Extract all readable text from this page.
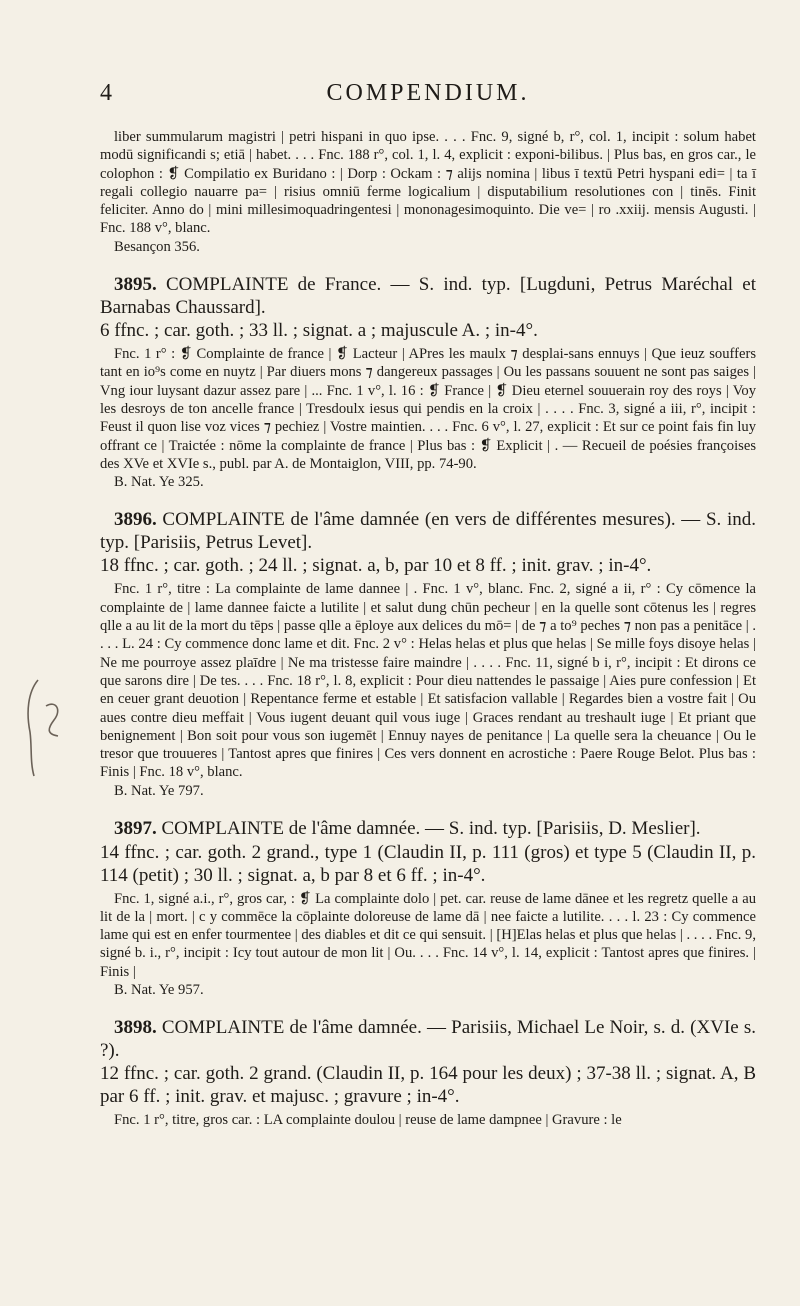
4	COMPENDIUM.

liber summularum magistri | petri hispani in quo ipse. . . . Fnc. 9, signé b, r°, col. 1, incipit : solum habet modū significandi s; etiā | habet. . . . Fnc. 188 r°, col. 1, l. 4, explicit : exponi-bilibus. | Plus bas, en gros car., le colophon : ❡ Compilatio ex Buridano : | Dorp : Ockam : ⁊ alijs nomina | libus ī textū Petri hyspani edi= | ta ī regali collegio nauarre pa= | risius omniū ferme logicalium | disputabilium resolutiones con | tinēs. Finit feliciter. Anno do | mini millesimoquadringentesi | mononagesimoquinto. Die ve= | ro .xxiij. mensis Augusti. | Fnc. 188 v°, blanc.

Besançon 356.

3895. COMPLAINTE de France. — S. ind. typ. [Lugduni, Petrus Maréchal et Barnabas Chaussard].

6 ffnc. ; car. goth. ; 33 ll. ; signat. a ; majuscule A. ; in-4°.

Fnc. 1 r° : ❡ Complainte de france | ❡ Lacteur | APres les maulx ⁊ desplai-sans ennuys | Que ieuz souffers tant en io⁹s come en nuytz | Par diuers mons ⁊ dangereux passages | Ou les passans souuent ne sont pas saiges | Vng iour luysant dazur assez pare | ... Fnc. 1 v°, l. 16 : ❡ France | ❡ Dieu eternel souuerain roy des roys | Voy les desroys de ton ancelle france | Tresdoulx iesus qui pendis en la croix | . . . . Fnc. 3, signé a iii, r°, incipit : Feust il quon lise voz vices ⁊ pechiez | Vostre maintien. . . . Fnc. 6 v°, l. 27, explicit : Et sur ce point fais fin luy offrant ce | Traictée : nōme la complainte de france | Plus bas : ❡ Explicit | . — Recueil de poésies françoises des XVe et XVIe s., publ. par A. de Montaiglon, VIII, pp. 74-90.

B. Nat. Ye 325.

3896. COMPLAINTE de l'âme damnée (en vers de différentes mesures). — S. ind. typ. [Parisiis, Petrus Levet].

18 ffnc. ; car. goth. ; 24 ll. ; signat. a, b, par 10 et 8 ff. ; init. grav. ; in-4°.

Fnc. 1 r°, titre : La complainte de lame dannee | . Fnc. 1 v°, blanc. Fnc. 2, signé a ii, r° : Cy cōmence la complainte de | lame dannee faicte a lutilite | et salut dung chūn pecheur | en la quelle sont cōtenus les | regres qlle a au lit de la mort du tēps | passe qlle a ēploye aux delices du mō= | de ⁊ a to⁹ peches ⁊ non pas a penitāce | . . . . L. 24 : Cy commence donc lame et dit. Fnc. 2 v° : Helas helas et plus que helas | Se mille foys disoye helas | Ne me pourroye assez plaīdre | Ne ma tristesse faire maindre | . . . . Fnc. 11, signé b i, r°, incipit : Et dirons ce que sarons dire | De tes. . . . Fnc. 18 r°, l. 8, explicit : Pour dieu nattendes le passaige | Aies pure confession | Et en ceuer grant deuotion | Repentance ferme et estable | Et satisfacion vallable | Regardes bien a vostre fait | Ou aues contre dieu meffait | Vous iugent deuant quil vous iuge | Graces rendant au treshault iuge | Et priant que benignement | Bon soit pour vous son iugemēt | Ennuy nayes de penitance | La quelle sera la cheuance | Ou le tresor que trouueres | Tantost apres que finires | Ces vers donnent en acrostiche : Paere Rouge Belot. Plus bas : Finis | Fnc. 18 v°, blanc.

B. Nat. Ye 797.

3897. COMPLAINTE de l'âme damnée. — S. ind. typ. [Parisiis, D. Meslier].

14 ffnc. ; car. goth. 2 grand., type 1 (Claudin II, p. 111 (gros) et type 5 (Claudin II, p. 114 (petit) ; 30 ll. ; signat. a, b par 8 et 6 ff. ; in-4°.

Fnc. 1, signé a.i., r°, gros car, : ❡ La complainte dolo | pet. car. reuse de lame dānee et les regretz quelle a au lit de la | mort. | c y commēce la cōplainte doloreuse de lame dā | nee faicte a lutilite. . . . l. 23 : Cy commence lame qui est en enfer tourmentee | des diables et dit ce qui sensuit. | [H]Elas helas et plus que helas | . . . . Fnc. 9, signé b. i., r°, incipit : Icy tout autour de mon lit | Ou. . . . Fnc. 14 v°, l. 14, explicit : Tantost apres que finires. | Finis |

B. Nat. Ye 957.

3898. COMPLAINTE de l'âme damnée. — Parisiis, Michael Le Noir, s. d. (XVIe s. ?).

12 ffnc. ; car. goth. 2 grand. (Claudin II, p. 164 pour les deux) ; 37-38 ll. ; signat. A, B par 6 ff. ; init. grav. et majusc. ; gravure ; in-4°.

Fnc. 1 r°, titre, gros car. : LA complainte doulou | reuse de lame dampnee | Gravure : le
